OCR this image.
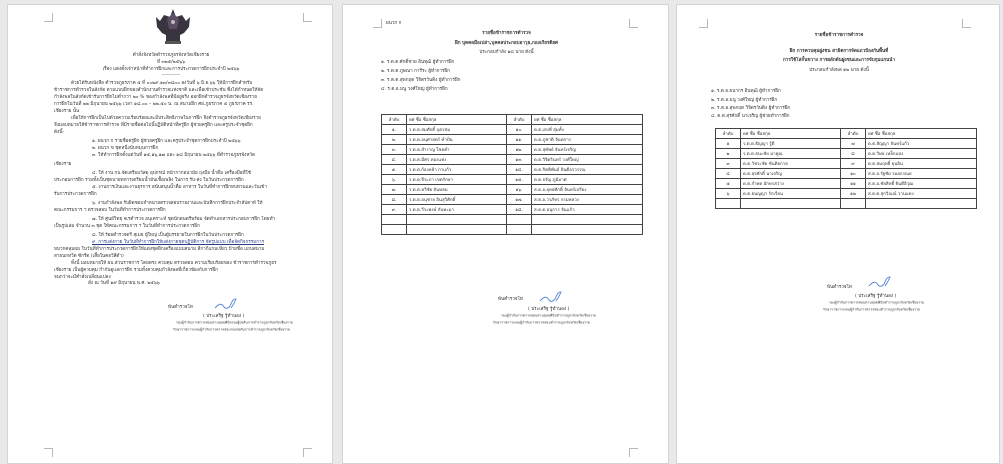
คำสั่งจังหวัดตำรวจภูธรจังหวัดเชียงราย
ที่ ๓๒๕/๒๕๖๖
เรื่อง แต่งตั้งเจ้าหน้าที่ทำการฝึกและการประกวดการฝึกประจำปี ๒๕๖๖
-----------
ด้วยได้รับหนังสือ ตำรวจภูธรภาค ๕ ที่ ๐๐๒๙.๑๓/๓๘๐๐ ลงวันที่ ๖ มิ.ย.๖๖ ให้มีการฝึกสำหรับ
ข้าราชการตำรวจในสังกัด ตามแบบฝึกของสำนักงานตำรวจแห่งชาติ และเพื่อเข้าประชัน ซึ่งได้กำหนดให้จัด
กำลังพลในสังกัดเข้ารับการฝึกไม่ต่ำกว่า ๒๐ % ของกำลังพลที่มีอยู่จริง ออกฝึกตำรวจภูธรจังหวัดเชียงราย
การฝึกในวันที่ ๒๒ มิถุนายน ๒๕๖๖ เวลา ๑๘.๐๐ – ๒๒.๕๐ น. ณ สนามฝึก ศฝ.ภูธรภาค ๕ ภูธรภาค รร.
เชียงราย นั้น
เพื่อให้การฝึกเป็นไปด้วยความเรียบร้อยและมีประสิทธิภาพในการฝึก จึงตำรวจภูธรจังหวัดเชียงราย
จึงมอบหมายให้ข้าราชการตำรวจ ที่มีรายชื่อต่อไปนี้ปฏิบัติหน้าที่ครูฝึก ผู้ช่วยครูฝึก และครูประจำชุดฝึก
ดังนี้-
๑. ผนวก ก รายชื่อครูฝึก ผู้ช่วยครูฝึก และครูประจำชุดการฝึกประจำปี ๒๕๖๖
๒. ผนวก ข ชุดหนึ่งนับหมุนการฝึก
๓. ให้ทำการฝึกตั้งแต่วันที่ ๑๕,๑๖,๑๗ และ ๑๘ มิถุนายน ๒๕๖๖ ที่ตำรวจภูธรจังหวัด
เชียงราย
๔. ให้ งาน กบ.จัดเตรียมวัสดุ อุปกรณ์ หน้ากากอนามัย ถุงมือ น้ำดื่ม เครื่องมือที่ใช้
ประกอบการฝึก รวมทั้งเป็นชุดนายทหารเตรียมน้ำมันเชื้อเพลิง ในการ รับ-ส่ง ในวันประกวดการฝึก
๕. งานการเงินและงานธุรการ สนับสนุนน้ำดื่ม อาหาร ในวันที่ทำการฝึกทบทวนและวันเข้า
รับการประกวดการฝึก
๖. งานกำลังพล รับผิดชอบจำหน่ายตรวจสอบรายงานและบันทึกการฝึกประจำสัปดาห์ ให้
คณะกรรมการ ฯ ตรวจสอบ ในวันที่ทำการประกวดการฝึก
๗. ให้ ศูนย์วิทยุ จเรตำรวจ อนุเคราะห์ ชุดนักดนตรีพร้อม จัดทำเอกสารประกอบการฝึก โดยทำ
เป็นรูปเล่ม จำนวน ๓ ชุด ให้คณะกรรมการ ฯ ในวันที่ทำการประกวดการฝึก
๘. ให้ ร้อยตำรวจตรี สุเมธ ผู้ใหญ่ เป็นผู้บรรยายในการฝึกในวันประกวดการฝึก
๙. การแต่งกาย ในวันที่ทำการฝึกให้แต่งกายชุดปฏิบัติการ จัดรูปแบบ เพื่อจัดกิจกรรมการ
หมวกคลุมผม ในวันที่ทำการประกวดการฝึกให้แต่งชุดฝึกเครื่องแบบสนาม สีกากีแกมเขียว ป้ายชื่อ แถบสนาม
สายนกหวีด ซักรีด (เสื้อในคอวีสีดำ)
ทั้งนี้ มอบหมายให้ ผบ.ส่วนราชการ โดยตรง ควบคุม ตรวจสอบ ความเรียบร้อยของ ข้าราชการตำรวจภูธร
เชียงราย เป็นผู้ควบคุม กำกับดูแลการฝึก รวมทั้งควบคุมกำลังพลที่เกี่ยวข้องกับการฝึก
จนกว่าจะมีคำสั่งเปลี่ยนแปลง
สั่ง ณ วันที่ ๑๙ มิถุนายน พ.ศ. ๒๕๖๖
พันตำรวจโท
( ประเสริฐ รู้ทำนอง )
รองผู้กำกับการตรวจสอบตามดุลยพินิจรองผู้บังคับการตำรวจภูธรจังหวัดเชียงราย
รักษาราชการแทนผู้กำกับการตรวจสอบกองบังคับการตำรวจภูธรจังหวัดเชียงราย
ผนวก ก
รายชื่อข้าราชการตำรวจ
ฝึก บุคคลมือเปล่า,บุคคลประกอบอาวุธ,กองเกียรติยศ
ประกอบกำลัง ๑๘ นาย ดังนี้
๑. ร.ต.ต.ศักดิ์ชาย อินทุฒิ ผู้ทำการฝึก
๒. ร.ต.ต.ภูษณา การีระ ผู้ทำการฝึก
๓. ร.ต.ต.สุพกฤต วิจิตรวันดิง ผู้ทำการฝึก
๔. ร.ต.อ.มนู วงศ์ใหญ่ ผู้ทำการฝึก
ลำดับ	ยศ ชื่อ ชื่อสกุล	ลำดับ	ยศ ชื่อ ชื่อสกุล
๑.	ร.ต.ต.สมศักดิ์ บุตรสม	๑๐.	ด.ต.เสงที่ สุ่มทั้ง
๒.	ร.ต.ต.อนุศาสตร์ คำปั่น	๑๑.	ด.ต.ภูชาติ จันทการ
๓.	ร.ต.ต.สำราญ ไชยคำ	๑๒.	ด.ต.สุทัพย์ จันทร์เจริญ
๔.	ร.ต.ต.มีศร ทองแท่ง	๑๓.	ด.ต.วิจิตรินทร์ วงศ์ใหญ่
๕.	ร.ต.ต.ก้องหล้า กาแก้ว	๑๔.	ด.ต.กิตติพันธ์ ยินดีอรวรรณ
๖.	ร.ต.ต.จีระภา เขตรักษา	๑๕.	ด.ต.จรัญ ภูมิมาศ
๗.	ร.ต.ต.ทวีชัย จันทสม	๑๖.	ส.ต.อ.ยุทธศักดิ์ จันทร์เปรียง
๘.	ร.ต.ต.อนุชาย อินสุวิศักดิ์	๑๗.	ส.ต.อ.วรภัทร กรมหลวง
๙.	ร.ต.ต.วีระพงษ์ กันทะมา	๑๘.	ส.ต.ต.อนุการ จันแก้ว

พันตำรวจโท
( ประเสริฐ รู้ทำนอง )
รองผู้กำกับการตรวจสอบตามดุลยพินิจตำรวจภูธรจังหวัดเชียงราย
รักษาราชการแทนผู้กำกับการตรวจสอบตำรวจภูธรจังหวัดเชียงราย
รายชื่อข้าราชการตำรวจ
ฝึก การควบคุมฝูงชน สาธิตการจัดแถวป้องกันพื้นที่
การใช้โล่กั้นขวาง การผลักดันฝูงชนและการจับกุมแกนนำ
ประกอบกำลังพล ๑๒ นาย ดังนี้
๑. ร.ต.อ.ธนากร อินทุฒิ ผู้ทำการฝึก
๒. ร.ต.อ.มนู วงศ์ใหญ่ ผู้ทำการฝึก
๓. ร.ต.อ.สุพกฤต วิจิตรวันดิง ผู้ทำการฝึก
๔. ด.ต.สุรศักดิ์ นาเจริญ ผู้ช่วยทำการฝึก
ลำดับ	ยศ ชื่อ ชื่อสกุล	ลำดับ	ยศ ชื่อ ชื่อสกุล
๑	ร.ต.ต.ธัญญา รู้ดี	๗	ด.ต.สัญญา จันทร์แก้ว
๒	ร.ต.ต.ธนะชัย มาคูณ	๘	ด.ต.วิทย เหล็กแปง
๓	ด.ต.วัชระชัย ขันติยกาล	๙	ด.ต.สมฤทธิ์ ยุนอิน
๔	ด.ต.สุรศักดิ์ นาเจริญ	๑๐	ส.ต.อ.รัฐชัย รมยกรณย
๕	ด.ต.กำพล อักษรสว่าง	๑๑	ส.ต.อ.ชัยสิทธิ์ ยินดีอิวุฒ
๖	ด.ต.ธนญญา รักเรียน	๑๒	ส.ต.ต.สุกวิณณ์ วานแดง

พันตำรวจโท
( ประเสริฐ รู้ทำนอง )
รองผู้กำกับการตรวจสอบตามดุลยพินิจตำรวจภูธรจังหวัดเชียงราย
รักษาราชการแทนผู้กำกับการตรวจสอบตำรวจภูธรจังหวัดเชียงราย
